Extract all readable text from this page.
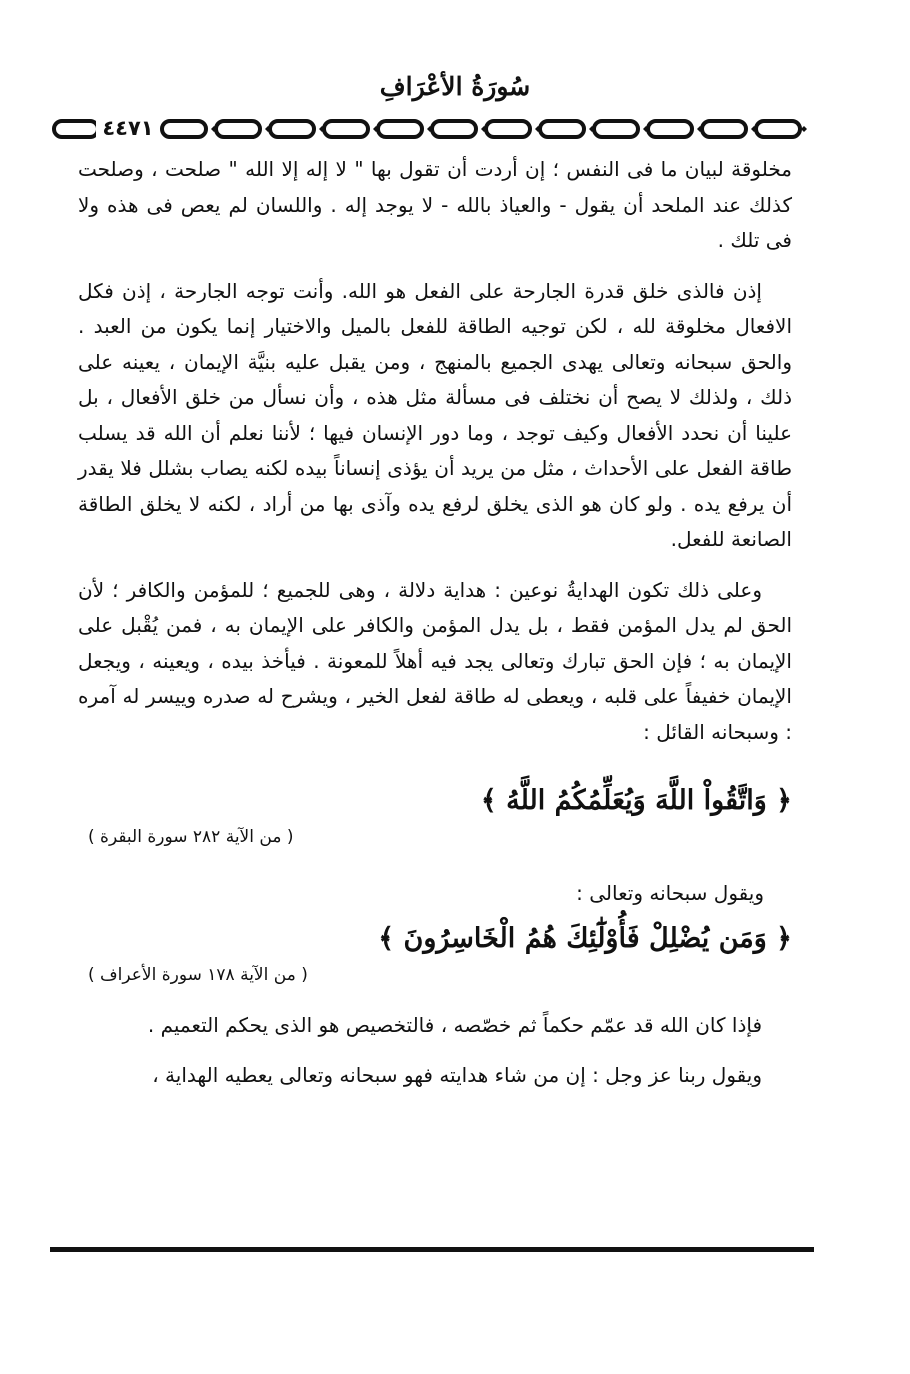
سُورَةُ الأعْرَافِ
٤٤٧١

مخلوقة لبيان ما فى النفس ؛ إن أردت أن تقول بها " لا إله إلا الله " صلحت ، وصلحت كذلك عند الملحد أن يقول - والعياذ بالله - لا يوجد إله . واللسان لم يعص فى هذه ولا فى تلك .

إذن فالذى خلق قدرة الجارحة على الفعل هو الله. وأنت توجه الجارحة ، إذن فكل الافعال مخلوقة لله ، لكن توجيه الطاقة للفعل بالميل والاختيار إنما يكون من العبد . والحق سبحانه وتعالى يهدى الجميع بالمنهج ، ومن يقبل عليه بنيَّة الإيمان ، يعينه على ذلك ، ولذلك لا يصح أن نختلف فى مسألة مثل هذه ، وأن نسأل من خلق الأفعال ، بل علينا أن نحدد الأفعال وكيف توجد ، وما دور الإنسان فيها ؛ لأننا نعلم أن الله قد يسلب طاقة الفعل على الأحداث ، مثل من يريد أن يؤذى إنساناً بيده لكنه يصاب بشلل فلا يقدر أن يرفع يده . ولو كان هو الذى يخلق لرفع يده وآذى بها من أراد ، لكنه لا يخلق الطاقة الصانعة للفعل.

وعلى ذلك تكون الهدايةُ نوعين : هداية دلالة ، وهى للجميع ؛ للمؤمن والكافر ؛ لأن الحق لم يدل المؤمن فقط ، بل يدل المؤمن والكافر على الإيمان به ، فمن يُقْبل على الإيمان به ؛ فإن الحق تبارك وتعالى يجد فيه أهلاً للمعونة . فيأخذ بيده ، ويعينه ، ويجعل الإيمان خفيفاً على قلبه ، ويعطى له طاقة لفعل الخير ، ويشرح له صدره وييسر له آمره : وسبحانه القائل :

﴿ وَاتَّقُواْ اللَّهَ وَيُعَلِّمُكُمُ اللَّهُ ﴾
( من الآية ٢٨٢ سورة البقرة )
ويقول سبحانه وتعالى :
﴿ وَمَن يُضْلِلْ فَأُوْلَٰٓئِكَ هُمُ الْخَاسِرُونَ ﴾
( من الآية ١٧٨ سورة الأعراف )

فإذا كان الله قد عمّم حكماً ثم خصّصه ، فالتخصيص هو الذى يحكم التعميم .

ويقول ربنا عز وجل : إن من شاء هدايته فهو سبحانه وتعالى يعطيه الهداية ،
